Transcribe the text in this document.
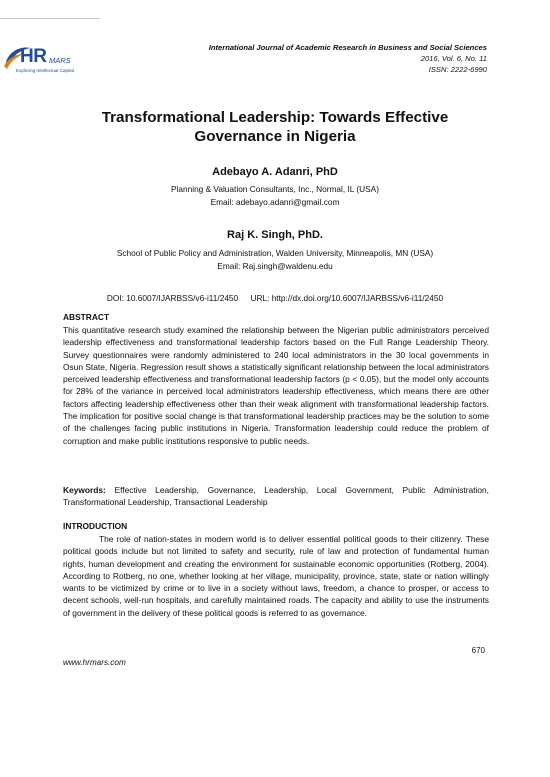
HR MARS
Exploring Intellectual Capital
International Journal of Academic Research in Business and Social Sciences
2016, Vol. 6, No. 11
ISSN: 2222-6990
Transformational Leadership: Towards Effective
Governance in Nigeria
Adebayo A. Adanri, PhD
Planning & Valuation Consultants, Inc., Normal, IL (USA)
Email: adebayo.adanri@gmail.com
Raj K. Singh, PhD.
School of Public Policy and Administration, Walden University, Minneapolis, MN (USA)
Email: Raj.singh@waldenu.edu
DOI: 10.6007/IJARBSS/v6-i11/2450 URL: http://dx.doi.org/10.6007/IJARBSS/v6-i11/2450
ABSTRACT
This quantitative research study examined the relationship between the Nigerian public administrators perceived leadership effectiveness and transformational leadership factors based on the Full Range Leadership Theory. Survey questionnaires were randomly administered to 240 local administrators in the 30 local governments in Osun State, Nigeria. Regression result shows a statistically significant relationship between the local administrators perceived leadership effectiveness and transformational leadership factors (p < 0.05), but the model only accounts for 28% of the variance in perceived local administrators leadership effectiveness, which means there are other factors affecting leadership effectiveness other than their weak alignment with transformational leadership factors. The implication for positive social change is that transformational leadership practices may be the solution to some of the challenges facing public institutions in Nigeria. Transformation leadership could reduce the problem of corruption and make public institutions responsive to public needs.
Keywords: Effective Leadership, Governance, Leadership, Local Government, Public Administration, Transformational Leadership, Transactional Leadership
INTRODUCTION
The role of nation-states in modern world is to deliver essential political goods to their citizenry. These political goods include but not limited to safety and security, rule of law and protection of fundamental human rights, human development and creating the environment for sustainable economic opportunities (Rotberg, 2004). According to Rotberg, no one, whether looking at her village, municipality, province, state, state or nation willingly wants to be victimized by crime or to live in a society without laws, freedom, a chance to prosper, or access to decent schools, well-run hospitals, and carefully maintained roads. The capacity and ability to use the instruments of government in the delivery of these political goods is referred to as governance.
670
www.hrmars.com
